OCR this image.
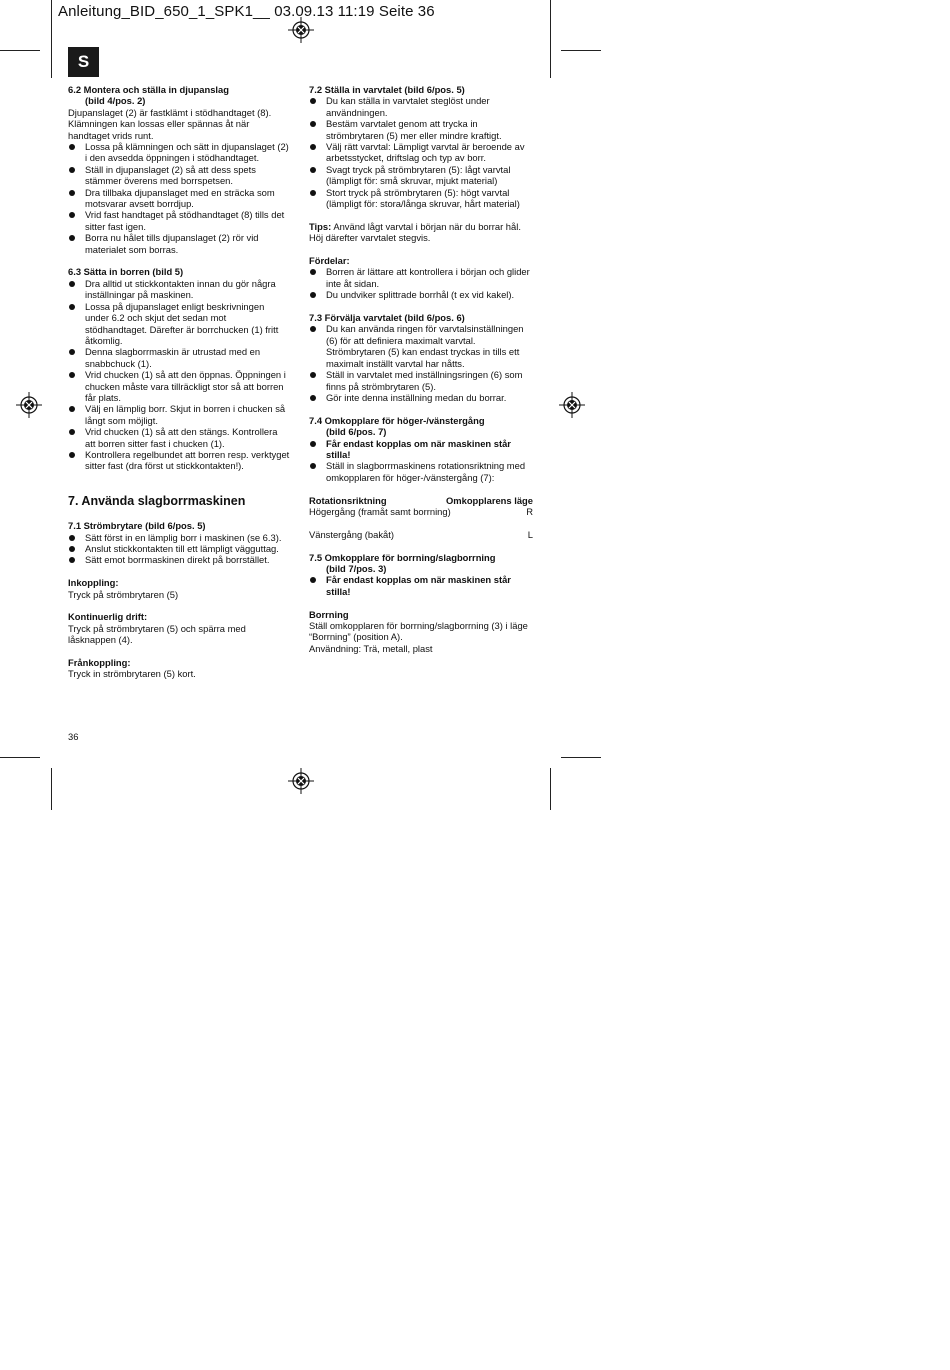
Anleitung_BID_650_1_SPK1__ 03.09.13 11:19 Seite 36
S

6.2 Montera och ställa in djupanslag

(bild 4/pos. 2)

Djupanslaget (2) är fastklämt i stödhandtaget (8).

Klämningen kan lossas eller spännas åt när

handtaget vrids runt.

Lossa på klämningen och sätt in djupanslaget (2)
i den avsedda öppningen i stödhandtaget.
Ställ in djupanslaget (2) så att dess spets
stämmer överens med borrspetsen.
Dra tillbaka djupanslaget med en sträcka som
motsvarar avsett borrdjup.
Vrid fast handtaget på stödhandtaget (8) tills det
sitter fast igen.
Borra nu hålet tills djupanslaget (2) rör vid
materialet som borras.

6.3 Sätta in borren (bild 5)

Dra alltid ut stickkontakten innan du gör några
inställningar på maskinen.
Lossa på djupanslaget enligt beskrivningen
under 6.2 och skjut det sedan mot
stödhandtaget. Därefter är borrchucken (1) fritt
åtkomlig.
Denna slagborrmaskin är utrustad med en
snabbchuck (1).
Vrid chucken (1) så att den öppnas. Öppningen i
chucken måste vara tillräckligt stor så att borren
får plats.
Välj en lämplig borr. Skjut in borren i chucken så
långt som möjligt.
Vrid chucken (1) så att den stängs. Kontrollera
att borren sitter fast i chucken (1).
Kontrollera regelbundet att borren resp. verktyget
sitter fast (dra först ut stickkontakten!).

7. Använda slagborrmaskinen

7.1 Strömbrytare (bild 6/pos. 5)

Sätt först in en lämplig borr i maskinen (se 6.3).
Anslut stickkontakten till ett lämpligt vägguttag.
Sätt emot borrmaskinen direkt på borrstället.

Inkoppling:

Tryck på strömbrytaren (5)

Kontinuerlig drift:

Tryck på strömbrytaren (5) och spärra med

låsknappen (4).

Frånkoppling:

Tryck in strömbrytaren (5) kort.

7.2 Ställa in varvtalet (bild 6/pos. 5)

Du kan ställa in varvtalet steglöst under
användningen.
Bestäm varvtalet genom att trycka in
strömbrytaren (5) mer eller mindre kraftigt.
Välj rätt varvtal: Lämpligt varvtal är beroende av
arbetsstycket, driftslag och typ av borr.
Svagt tryck på strömbrytaren (5): lågt varvtal
(lämpligt för: små skruvar, mjukt material)
Stort tryck på strömbrytaren (5): högt varvtal
(lämpligt för: stora/långa skruvar, hårt material)

Tips: Använd lågt varvtal i början när du borrar hål.

Höj därefter varvtalet stegvis.

Fördelar:

Borren är lättare att kontrollera i början och glider
inte åt sidan.
Du undviker splittrade borrhål (t ex vid kakel).

7.3 Förvälja varvtalet (bild 6/pos. 6)

Du kan använda ringen för varvtalsinställningen
(6) för att definiera maximalt varvtal.
Strömbrytaren (5) kan endast tryckas in tills ett
maximalt inställt varvtal har nåtts.
Ställ in varvtalet med inställningsringen (6) som
finns på strömbrytaren (5).
Gör inte denna inställning medan du borrar.

7.4 Omkopplare för höger-/vänstergång

(bild 6/pos. 7)

Får endast kopplas om när maskinen står
stilla!
Ställ in slagborrmaskinens rotationsriktning med
omkopplaren för höger-/vänstergång (7):
Rotationsriktning	Omkopplarens läge
Högergång (framåt samt borrning)	R
Vänstergång (bakåt)	L

7.5 Omkopplare för borrning/slagborrning

(bild 7/pos. 3)

Får endast kopplas om när maskinen står
stilla!

Borrning

Ställ omkopplaren för borrning/slagborrning (3) i läge

“Borrning” (position A).

Användning: Trä, metall, plast

36
